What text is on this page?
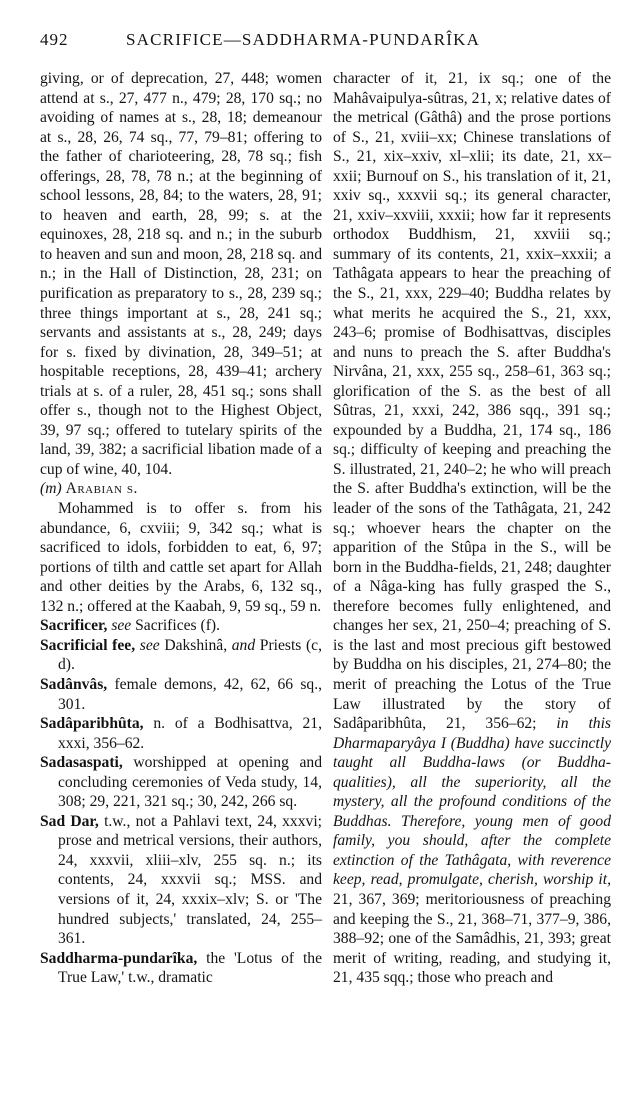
492	SACRIFICE—SADDHARMA-PUNDARÎKA

giving, or of deprecation, 27, 448; women attend at s., 27, 477 n., 479; 28, 170 sq.; no avoiding of names at s., 28, 18; demeanour at s., 28, 26, 74 sq., 77, 79–81; offering to the father of charioteering, 28, 78 sq.; fish offerings, 28, 78, 78 n.; at the beginning of school lessons, 28, 84; to the waters, 28, 91; to heaven and earth, 28, 99; s. at the equinoxes, 28, 218 sq. and n.; in the suburb to heaven and sun and moon, 28, 218 sq. and n.; in the Hall of Distinction, 28, 231; on purification as preparatory to s., 28, 239 sq.; three things important at s., 28, 241 sq.; servants and assistants at s., 28, 249; days for s. fixed by divination, 28, 349–51; at hospitable receptions, 28, 439–41; archery trials at s. of a ruler, 28, 451 sq.; sons shall offer s., though not to the Highest Object, 39, 97 sq.; offered to tutelary spirits of the land, 39, 382; a sacrificial libation made of a cup of wine, 40, 104.

(m) Arabian s.

Mohammed is to offer s. from his abundance, 6, cxviii; 9, 342 sq.; what is sacrificed to idols, forbidden to eat, 6, 97; portions of tilth and cattle set apart for Allah and other deities by the Arabs, 6, 132 sq., 132 n.; offered at the Kaabah, 9, 59 sq., 59 n.

Sacrificer, see Sacrifices (f).

Sacrificial fee, see Dakshinâ, and Priests (c, d).

Sadânvâs, female demons, 42, 62, 66 sq., 301.

Sadâparibhûta, n. of a Bodhisattva, 21, xxxi, 356–62.

Sadasaspati, worshipped at opening and concluding ceremonies of Veda study, 14, 308; 29, 221, 321 sq.; 30, 242, 266 sq.

Sad Dar, t.w., not a Pahlavi text, 24, xxxvi; prose and metrical versions, their authors, 24, xxxvii, xliii–xlv, 255 sq. n.; its contents, 24, xxxvii sq.; MSS. and versions of it, 24, xxxix–xlv; S. or 'The hundred subjects,' translated, 24, 255–361.

Saddharma-pundarîka, the 'Lotus of the True Law,' t.w., dramatic

character of it, 21, ix sq.; one of the Mahâvaipulya-sûtras, 21, x; relative dates of the metrical (Gâthâ) and the prose portions of S., 21, xviii–xx; Chinese translations of S., 21, xix–xxiv, xl–xlii; its date, 21, xx–xxii; Burnouf on S., his translation of it, 21, xxiv sq., xxxvii sq.; its general character, 21, xxiv–xxviii, xxxii; how far it represents orthodox Buddhism, 21, xxviii sq.; summary of its contents, 21, xxix–xxxii; a Tathâgata appears to hear the preaching of the S., 21, xxx, 229–40; Buddha relates by what merits he acquired the S., 21, xxx, 243–6; promise of Bodhisattvas, disciples and nuns to preach the S. after Buddha's Nirvâna, 21, xxx, 255 sq., 258–61, 363 sq.; glorification of the S. as the best of all Sûtras, 21, xxxi, 242, 386 sqq., 391 sq.; expounded by a Buddha, 21, 174 sq., 186 sq.; difficulty of keeping and preaching the S. illustrated, 21, 240–2; he who will preach the S. after Buddha's extinction, will be the leader of the sons of the Tathâgata, 21, 242 sq.; whoever hears the chapter on the apparition of the Stûpa in the S., will be born in the Buddha-fields, 21, 248; daughter of a Nâga-king has fully grasped the S., therefore becomes fully enlightened, and changes her sex, 21, 250–4; preaching of S. is the last and most precious gift bestowed by Buddha on his disciples, 21, 274–80; the merit of preaching the Lotus of the True Law illustrated by the story of Sadâparibhûta, 21, 356–62; in this Dharmaparyâya I (Buddha) have succinctly taught all Buddha-laws (or Buddha-qualities), all the superiority, all the mystery, all the profound conditions of the Buddhas. Therefore, young men of good family, you should, after the complete extinction of the Tathâgata, with reverence keep, read, promulgate, cherish, worship it, 21, 367, 369; meritoriousness of preaching and keeping the S., 21, 368–71, 377–9, 386, 388–92; one of the Samâdhis, 21, 393; great merit of writing, reading, and studying it, 21, 435 sqq.; those who preach and
